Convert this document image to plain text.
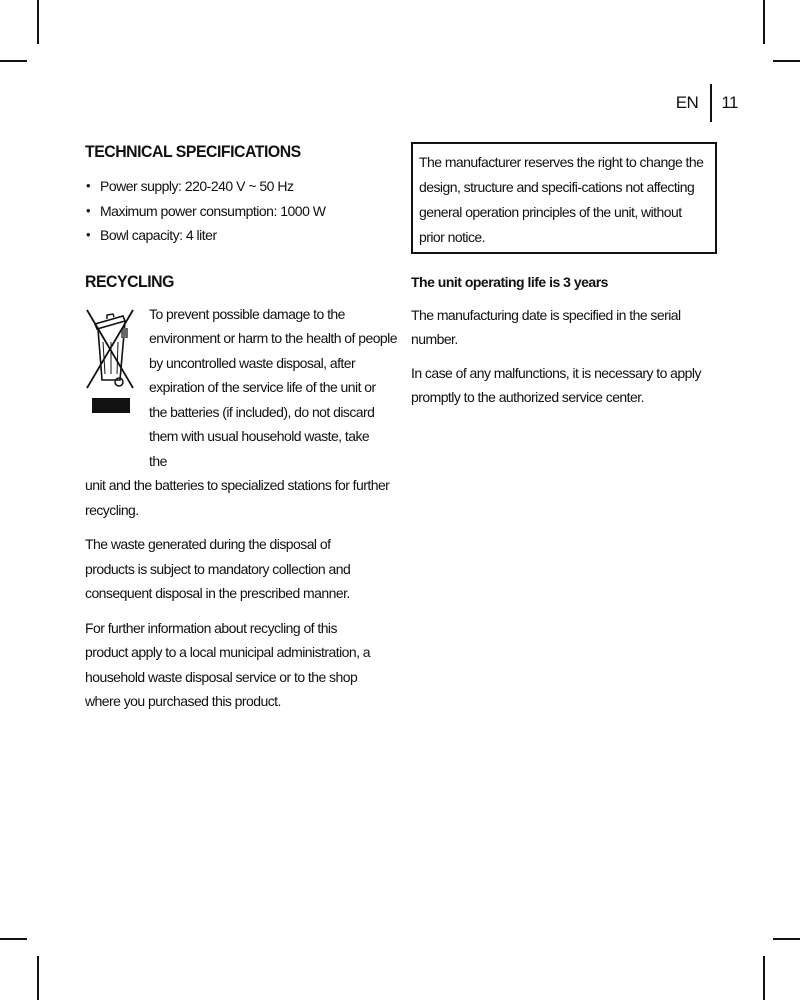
EN 11
TECHNICAL SPECIFICATIONS
• Power supply: 220-240 V ~ 50 Hz
• Maximum power consumption: 1000 W
• Bowl capacity: 4 liter
RECYCLING

To prevent possible damage to the

environment or harm to the health of people

by uncontrolled waste disposal, after

expiration of the service life of the unit or

the batteries (if included), do not discard

them with usual household waste, take the

unit and the batteries to specialized stations for further

recycling.

The waste generated during the disposal of products is subject to mandatory collection and consequent disposal in the prescribed manner.

For further information about recycling of this product apply to a local municipal administration, a household waste disposal service or to the shop where you purchased this product.

The manufacturer reserves the right to change the design, structure and specifi-cations not affecting general operation principles of the unit, without prior notice.

The unit operating life is 3 years

The manufacturing date is specified in the serial number.

In case of any malfunctions, it is necessary to apply promptly to the authorized service center.
